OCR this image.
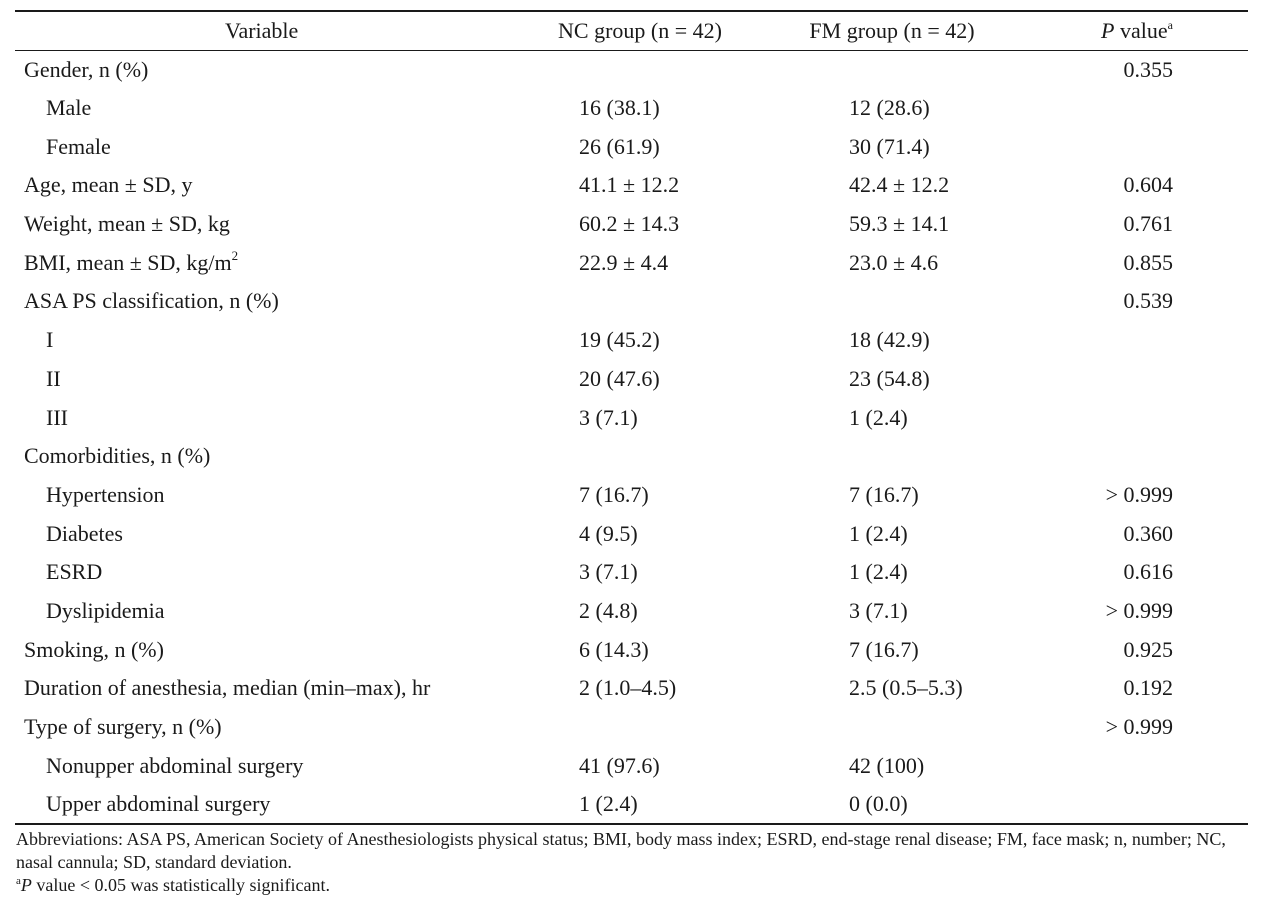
Variable	NC group (n = 42)	FM group (n = 42)	P value$^a$
Gender, n (%)			0.355
Male	16 (38.1)	12 (28.6)	
Female	26 (61.9)	30 (71.4)	
Age, mean ± SD, y	41.1 ± 12.2	42.4 ± 12.2	0.604
Weight, mean ± SD, kg	60.2 ± 14.3	59.3 ± 14.1	0.761
BMI, mean ± SD, $kg/m^2$	22.9 ± 4.4	23.0 ± 4.6	0.855
ASA PS classification, n (%)			0.539
I	19 (45.2)	18 (42.9)	
II	20 (47.6)	23 (54.8)	
III	3 (7.1)	1 (2.4)	
Comorbidities, n (%)			
Hypertension	7 (16.7)	7 (16.7)	> 0.999
Diabetes	4 (9.5)	1 (2.4)	0.360
ESRD	3 (7.1)	1 (2.4)	0.616
Dyslipidemia	2 (4.8)	3 (7.1)	> 0.999
Smoking, n (%)	6 (14.3)	7 (16.7)	0.925
Duration of anesthesia, median (min–max), hr	2 (1.0–4.5)	2.5 (0.5–5.3)	0.192
Type of surgery, n (%)			> 0.999
Nonupper abdominal surgery	41 (97.6)	42 (100)	
Upper abdominal surgery	1 (2.4)	0 (0.0)	

Abbreviations: ASA PS, American Society of Anesthesiologists physical status; BMI, body mass index; ESRD, end-stage renal disease; FM, face mask; n, number; NC, nasal cannula; SD, standard deviation.

$^a$P value < 0.05 was statistically significant.
